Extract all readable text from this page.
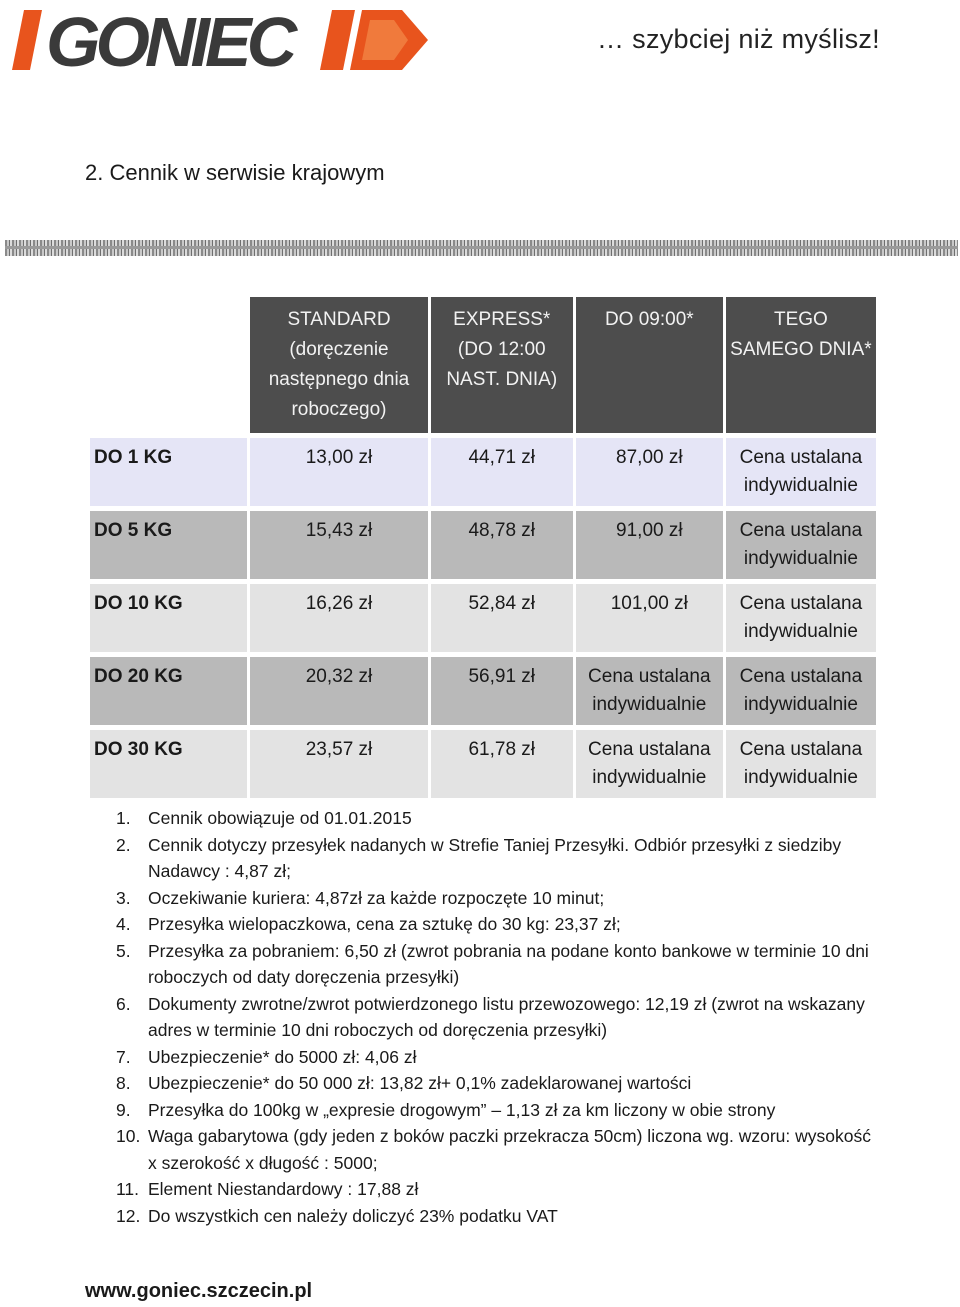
GONIEC	… szybciej niż myślisz!
2. Cennik w serwisie krajowym
	STANDARD (doręczenie następnego dnia roboczego)	EXPRESS* (DO 12:00 NAST. DNIA)	DO 09:00*	TEGO SAMEGO DNIA*
DO 1 KG	13,00 zł	44,71 zł	87,00 zł	Cena ustalana indywidualnie
DO 5 KG	15,43 zł	48,78 zł	91,00 zł	Cena ustalana indywidualnie
DO 10 KG	16,26 zł	52,84 zł	101,00 zł	Cena ustalana indywidualnie
DO 20 KG	20,32 zł	56,91 zł	Cena ustalana indywidualnie	Cena ustalana indywidualnie
DO 30 KG	23,57 zł	61,78 zł	Cena ustalana indywidualnie	Cena ustalana indywidualnie
1. Cennik obowiązuje od 01.01.2015
2. Cennik dotyczy przesyłek nadanych w Strefie Taniej Przesyłki. Odbiór przesyłki z siedziby Nadawcy : 4,87 zł;
3. Oczekiwanie kuriera: 4,87zł za każde rozpoczęte 10 minut;
4. Przesyłka wielopaczkowa, cena za sztukę do 30 kg: 23,37 zł;
5. Przesyłka za pobraniem: 6,50 zł (zwrot pobrania na podane konto bankowe w terminie 10 dni roboczych od daty doręczenia przesyłki)
6. Dokumenty zwrotne/zwrot potwierdzonego listu przewozowego: 12,19 zł (zwrot na wskazany adres w terminie 10 dni roboczych od doręczenia przesyłki)
7. Ubezpieczenie* do 5000 zł: 4,06 zł
8. Ubezpieczenie* do 50 000 zł: 13,82 zł+ 0,1% zadeklarowanej wartości
9. Przesyłka do 100kg w „expresie drogowym” – 1,13 zł za km liczony w obie strony
10. Waga gabarytowa (gdy jeden z boków paczki przekracza 50cm) liczona wg. wzoru: wysokość x szerokość x długość : 5000;
11. Element Niestandardowy : 17,88 zł
12. Do wszystkich cen należy doliczyć 23% podatku VAT
www.goniec.szczecin.pl
